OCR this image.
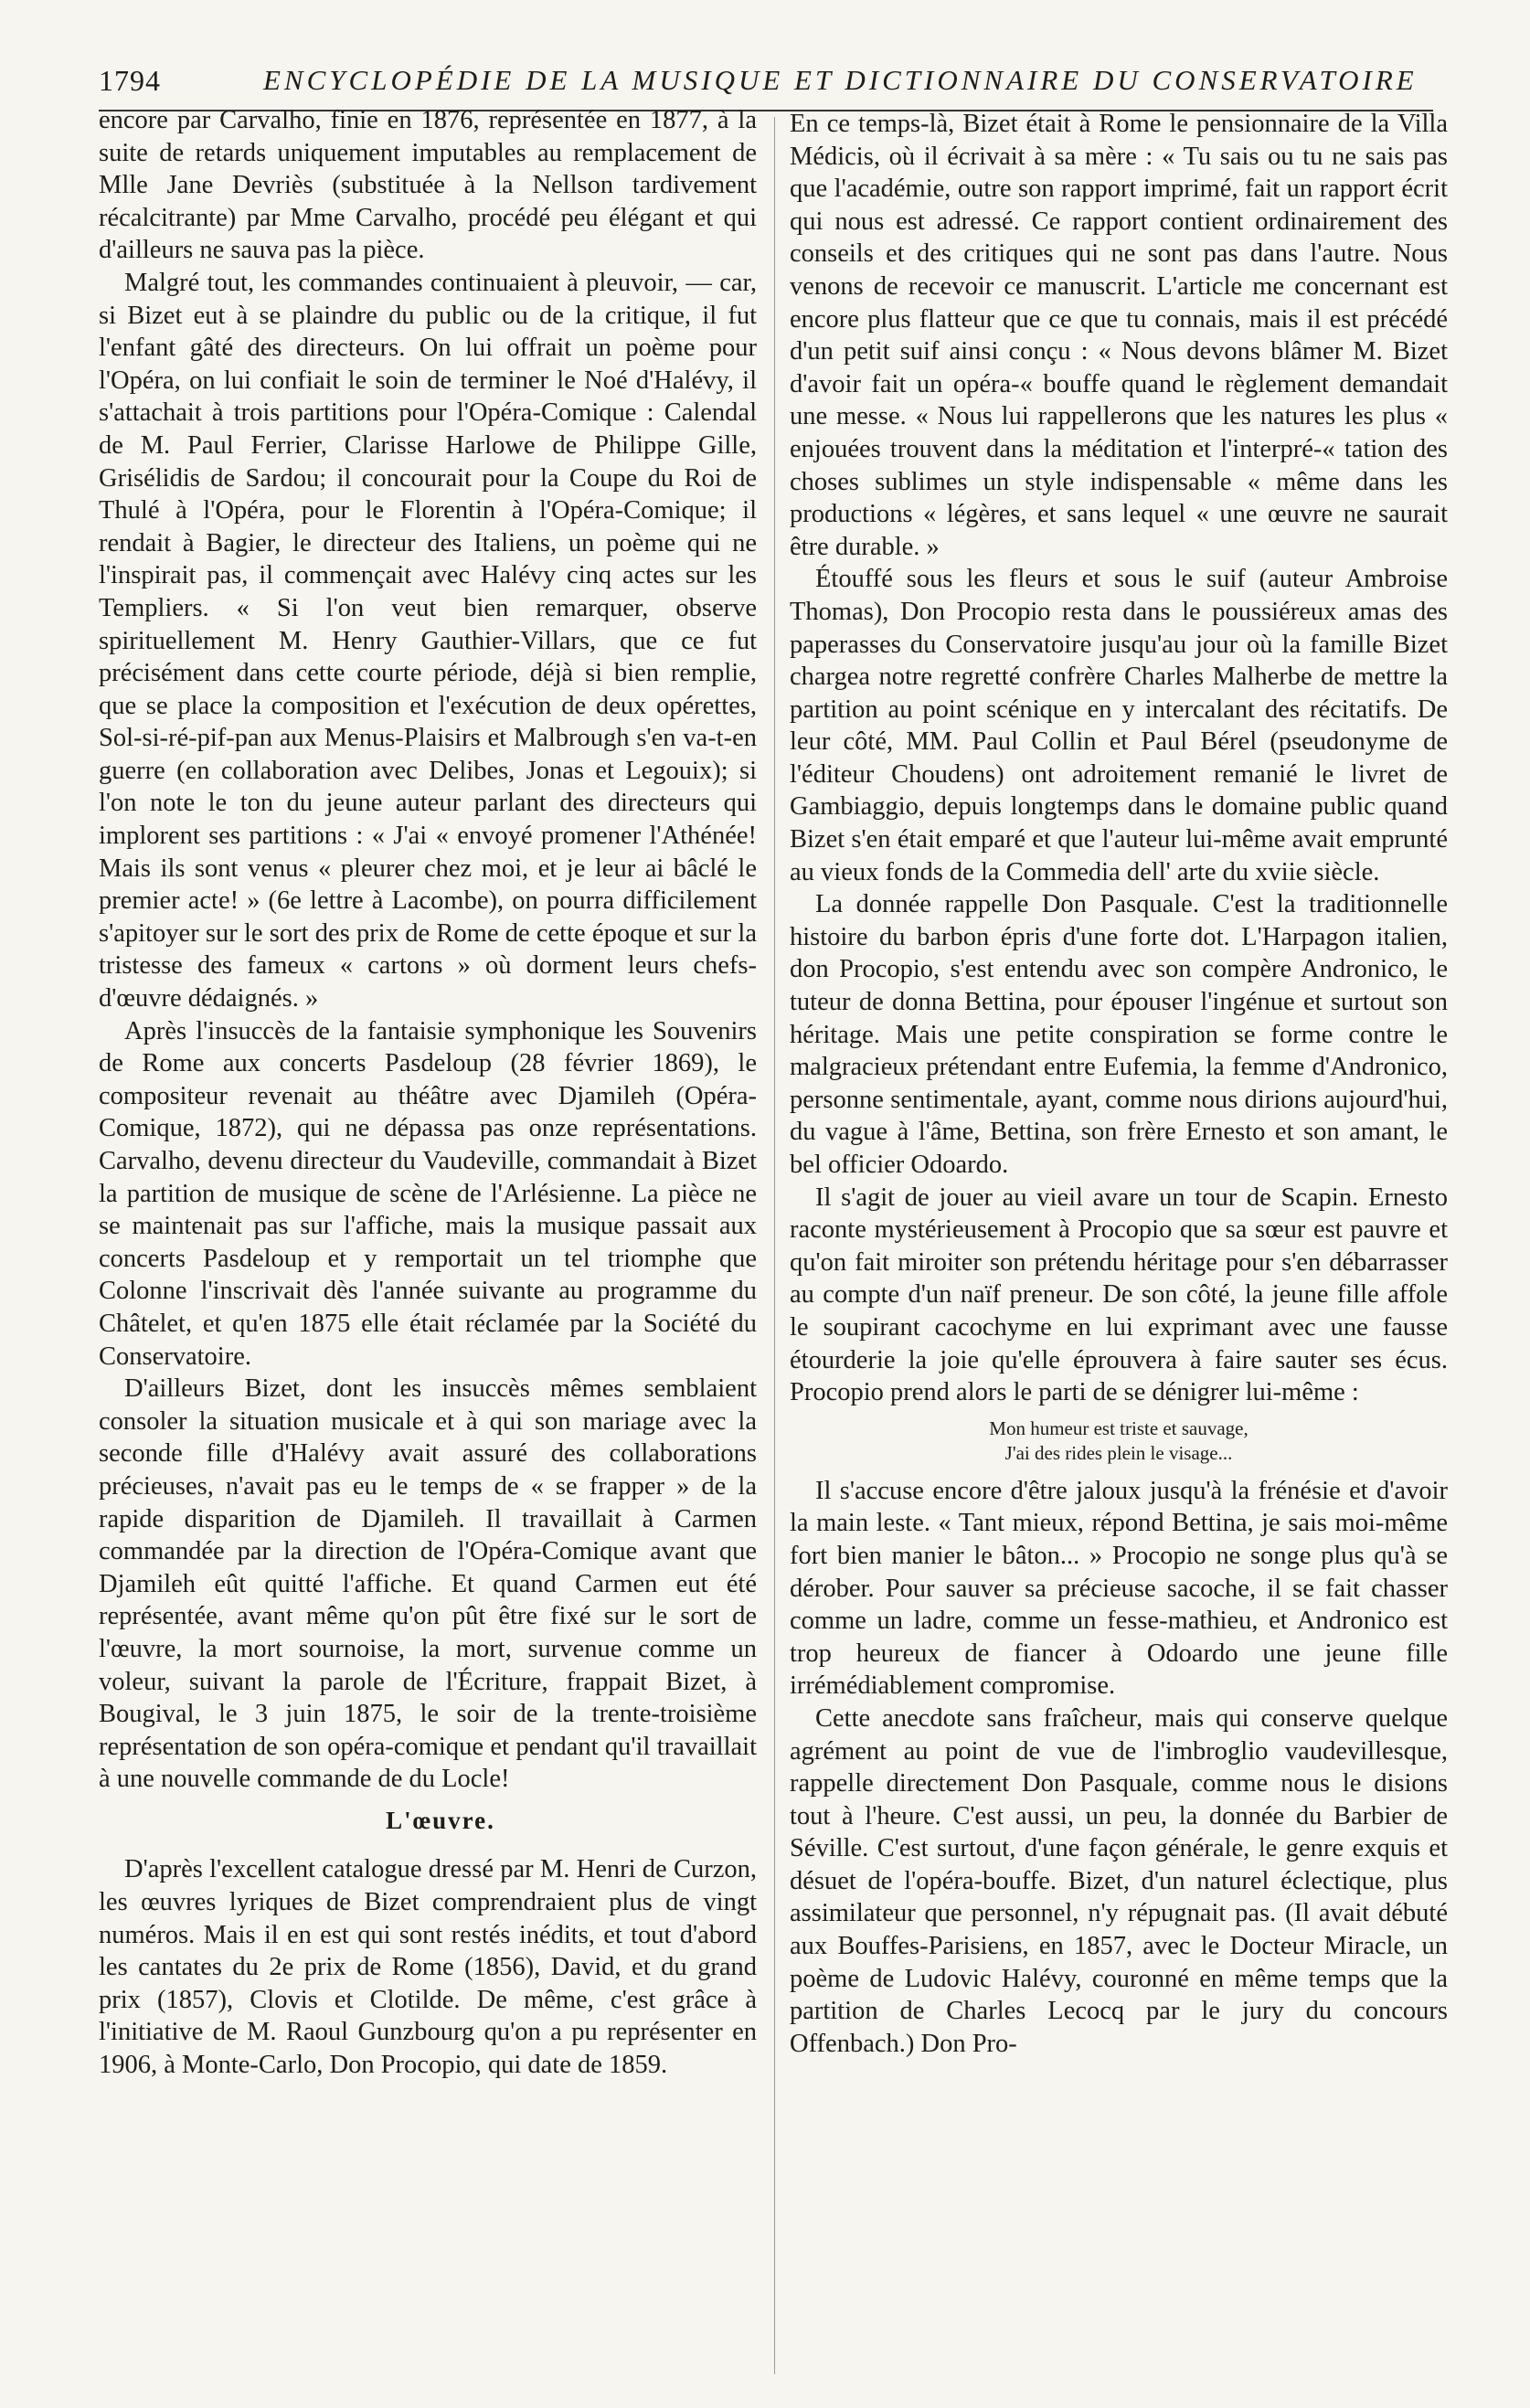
1794	ENCYCLOPÉDIE DE LA MUSIQUE ET DICTIONNAIRE DU CONSERVATOIRE

encore par Carvalho, finie en 1876, représentée en 1877, à la suite de retards uniquement imputables au remplacement de Mlle Jane Devriès (substituée à la Nellson tardivement récalcitrante) par Mme Carvalho, procédé peu élégant et qui d'ailleurs ne sauva pas la pièce.

Malgré tout, les commandes continuaient à pleuvoir, — car, si Bizet eut à se plaindre du public ou de la critique, il fut l'enfant gâté des directeurs. On lui offrait un poème pour l'Opéra, on lui confiait le soin de terminer le Noé d'Halévy, il s'attachait à trois partitions pour l'Opéra-Comique : Calendal de M. Paul Ferrier, Clarisse Harlowe de Philippe Gille, Grisélidis de Sardou; il concourait pour la Coupe du Roi de Thulé à l'Opéra, pour le Florentin à l'Opéra-Comique; il rendait à Bagier, le directeur des Italiens, un poème qui ne l'inspirait pas, il commençait avec Halévy cinq actes sur les Templiers. « Si l'on veut bien remarquer, observe spirituellement M. Henry Gauthier-Villars, que ce fut précisément dans cette courte période, déjà si bien remplie, que se place la composition et l'exécution de deux opérettes, Sol-si-ré-pif-pan aux Menus-Plaisirs et Malbrough s'en va-t-en guerre (en collaboration avec Delibes, Jonas et Legouix); si l'on note le ton du jeune auteur parlant des directeurs qui implorent ses partitions : « J'ai « envoyé promener l'Athénée! Mais ils sont venus « pleurer chez moi, et je leur ai bâclé le premier acte! » (6e lettre à Lacombe), on pourra difficilement s'apitoyer sur le sort des prix de Rome de cette époque et sur la tristesse des fameux « cartons » où dorment leurs chefs-d'œuvre dédaignés. »

Après l'insuccès de la fantaisie symphonique les Souvenirs de Rome aux concerts Pasdeloup (28 février 1869), le compositeur revenait au théâtre avec Djamileh (Opéra-Comique, 1872), qui ne dépassa pas onze représentations. Carvalho, devenu directeur du Vaudeville, commandait à Bizet la partition de musique de scène de l'Arlésienne. La pièce ne se maintenait pas sur l'affiche, mais la musique passait aux concerts Pasdeloup et y remportait un tel triomphe que Colonne l'inscrivait dès l'année suivante au programme du Châtelet, et qu'en 1875 elle était réclamée par la Société du Conservatoire.

D'ailleurs Bizet, dont les insuccès mêmes semblaient consoler la situation musicale et à qui son mariage avec la seconde fille d'Halévy avait assuré des collaborations précieuses, n'avait pas eu le temps de « se frapper » de la rapide disparition de Djamileh. Il travaillait à Carmen commandée par la direction de l'Opéra-Comique avant que Djamileh eût quitté l'affiche. Et quand Carmen eut été représentée, avant même qu'on pût être fixé sur le sort de l'œuvre, la mort sournoise, la mort, survenue comme un voleur, suivant la parole de l'Écriture, frappait Bizet, à Bougival, le 3 juin 1875, le soir de la trente-troisième représentation de son opéra-comique et pendant qu'il travaillait à une nouvelle commande de du Locle!

L'œuvre.

D'après l'excellent catalogue dressé par M. Henri de Curzon, les œuvres lyriques de Bizet comprendraient plus de vingt numéros. Mais il en est qui sont restés inédits, et tout d'abord les cantates du 2e prix de Rome (1856), David, et du grand prix (1857), Clovis et Clotilde. De même, c'est grâce à l'initiative de M. Raoul Gunzbourg qu'on a pu représenter en 1906, à Monte-Carlo, Don Procopio, qui date de 1859.

En ce temps-là, Bizet était à Rome le pensionnaire de la Villa Médicis, où il écrivait à sa mère : « Tu sais ou tu ne sais pas que l'académie, outre son rapport imprimé, fait un rapport écrit qui nous est adressé. Ce rapport contient ordinairement des conseils et des critiques qui ne sont pas dans l'autre. Nous venons de recevoir ce manuscrit. L'article me concernant est encore plus flatteur que ce que tu connais, mais il est précédé d'un petit suif ainsi conçu : « Nous devons blâmer M. Bizet d'avoir fait un opéra-« bouffe quand le règlement demandait une messe. « Nous lui rappellerons que les natures les plus « enjouées trouvent dans la méditation et l'interpré-« tation des choses sublimes un style indispensable « même dans les productions « légères, et sans lequel « une œuvre ne saurait être durable. »

Étouffé sous les fleurs et sous le suif (auteur Ambroise Thomas), Don Procopio resta dans le poussiéreux amas des paperasses du Conservatoire jusqu'au jour où la famille Bizet chargea notre regretté confrère Charles Malherbe de mettre la partition au point scénique en y intercalant des récitatifs. De leur côté, MM. Paul Collin et Paul Bérel (pseudonyme de l'éditeur Choudens) ont adroitement remanié le livret de Gambiaggio, depuis longtemps dans le domaine public quand Bizet s'en était emparé et que l'auteur lui-même avait emprunté au vieux fonds de la Commedia dell' arte du xviie siècle.

La donnée rappelle Don Pasquale. C'est la traditionnelle histoire du barbon épris d'une forte dot. L'Harpagon italien, don Procopio, s'est entendu avec son compère Andronico, le tuteur de donna Bettina, pour épouser l'ingénue et surtout son héritage. Mais une petite conspiration se forme contre le malgracieux prétendant entre Eufemia, la femme d'Andronico, personne sentimentale, ayant, comme nous dirions aujourd'hui, du vague à l'âme, Bettina, son frère Ernesto et son amant, le bel officier Odoardo.

Il s'agit de jouer au vieil avare un tour de Scapin. Ernesto raconte mystérieusement à Procopio que sa sœur est pauvre et qu'on fait miroiter son prétendu héritage pour s'en débarrasser au compte d'un naïf preneur. De son côté, la jeune fille affole le soupirant cacochyme en lui exprimant avec une fausse étourderie la joie qu'elle éprouvera à faire sauter ses écus. Procopio prend alors le parti de se dénigrer lui-même :

Mon humeur est triste et sauvage,
J'ai des rides plein le visage...

Il s'accuse encore d'être jaloux jusqu'à la frénésie et d'avoir la main leste. « Tant mieux, répond Bettina, je sais moi-même fort bien manier le bâton... » Procopio ne songe plus qu'à se dérober. Pour sauver sa précieuse sacoche, il se fait chasser comme un ladre, comme un fesse-mathieu, et Andronico est trop heureux de fiancer à Odoardo une jeune fille irrémédiablement compromise.

Cette anecdote sans fraîcheur, mais qui conserve quelque agrément au point de vue de l'imbroglio vaudevillesque, rappelle directement Don Pasquale, comme nous le disions tout à l'heure. C'est aussi, un peu, la donnée du Barbier de Séville. C'est surtout, d'une façon générale, le genre exquis et désuet de l'opéra-bouffe. Bizet, d'un naturel éclectique, plus assimilateur que personnel, n'y répugnait pas. (Il avait débuté aux Bouffes-Parisiens, en 1857, avec le Docteur Miracle, un poème de Ludovic Halévy, couronné en même temps que la partition de Charles Lecocq par le jury du concours Offenbach.) Don Pro-
